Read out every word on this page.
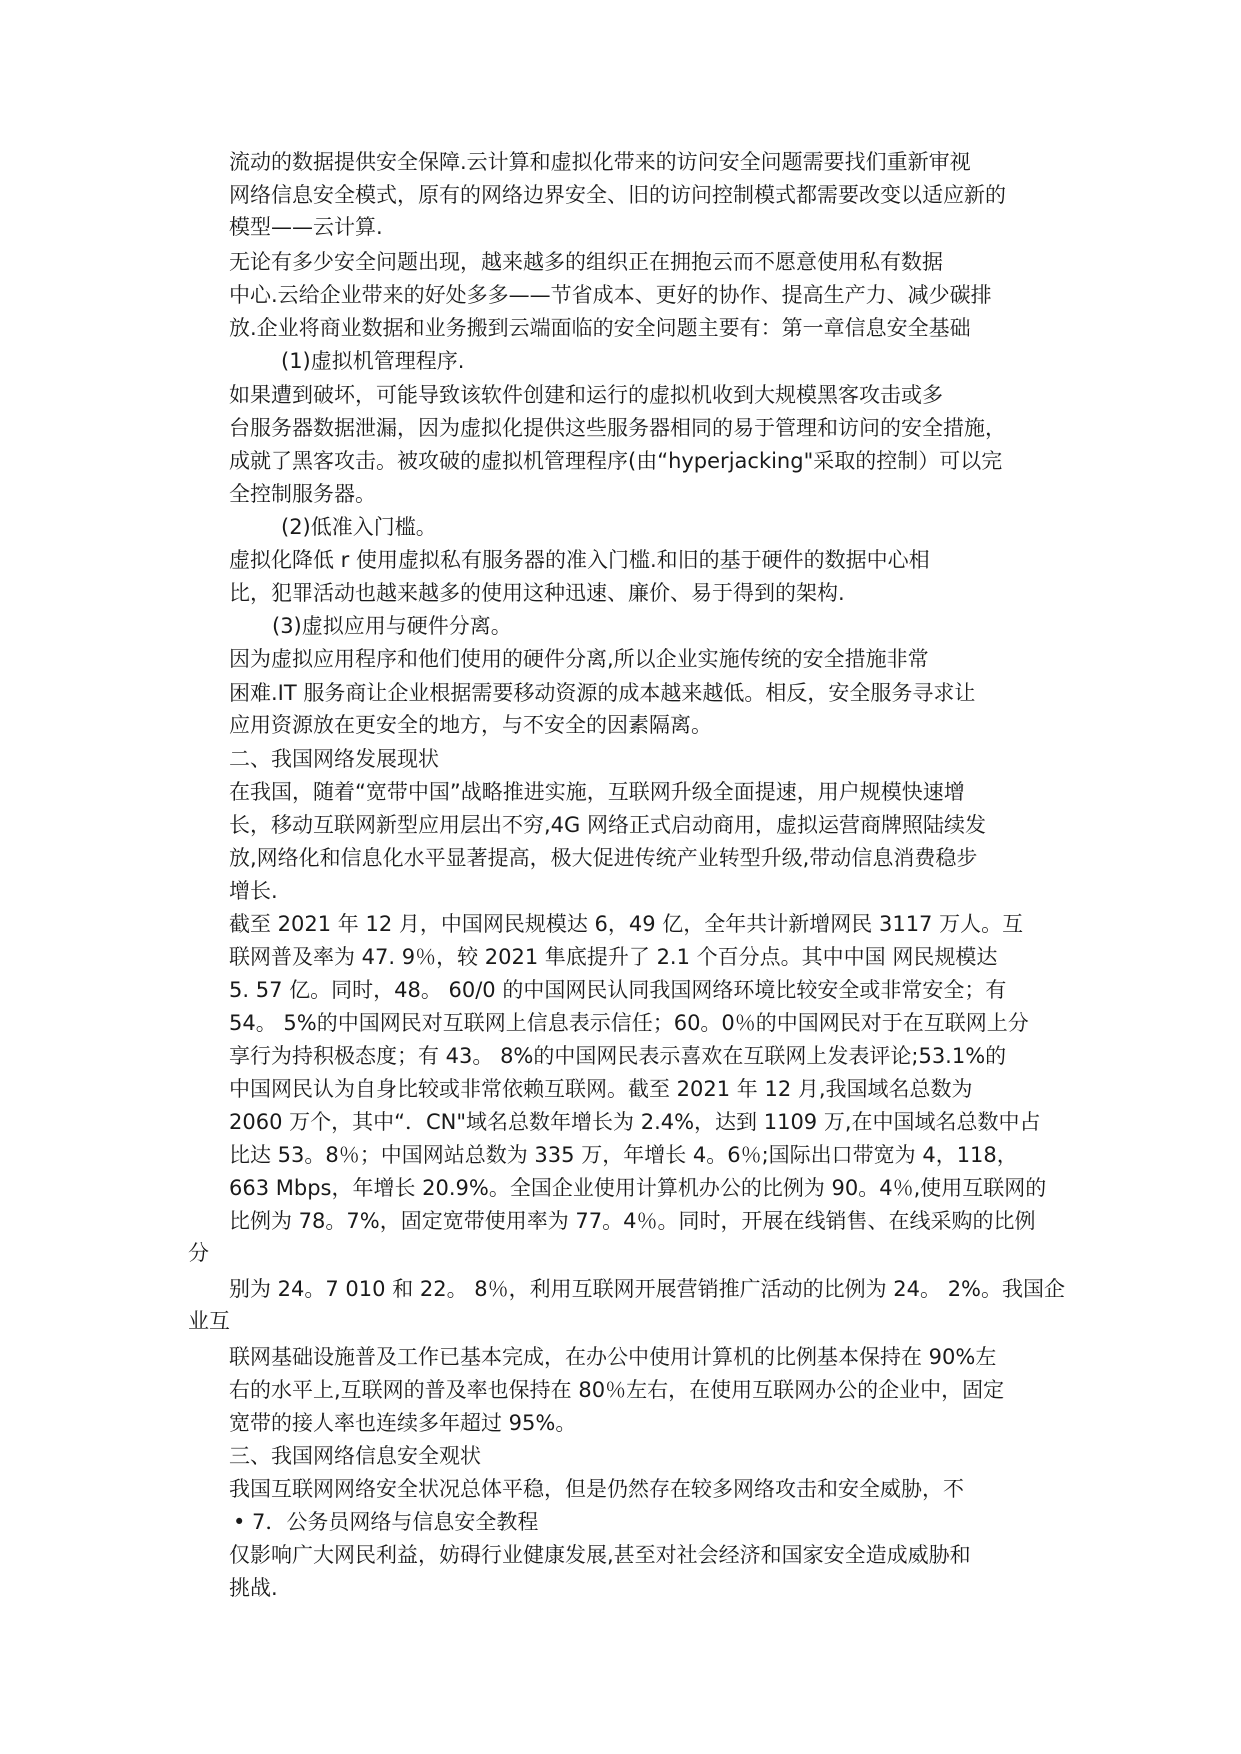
流动的数据提供安全保障.云计算和虚拟化带来的访问安全问题需要找们重新审视
网络信息安全模式，原有的网络边界安全、旧的访问控制模式都需要改变以适应新的
模型——云计算.
无论有多少安全问题出现，越来越多的组织正在拥抱云而不愿意使用私有数据
中心.云给企业带来的好处多多——节省成本、更好的协作、提高生产力、减少碳排
放.企业将商业数据和业务搬到云端面临的安全问题主要有：第一章信息安全基础
(1)虚拟机管理程序.
如果遭到破坏，可能导致该软件创建和运行的虚拟机收到大规模黑客攻击或多
台服务器数据泄漏，因为虚拟化提供这些服务器相同的易于管理和访问的安全措施，
成就了黑客攻击。被攻破的虚拟机管理程序(由“hyperjacking"采取的控制）可以完
全控制服务器。
(2)低准入门槛。
虚拟化降低 r 使用虚拟私有服务器的准入门槛.和旧的基于硬件的数据中心相
比，犯罪活动也越来越多的使用这种迅速、廉价、易于得到的架构.
(3)虚拟应用与硬件分离。
因为虚拟应用程序和他们使用的硬件分离,所以企业实施传统的安全措施非常
困难.IT 服务商让企业根据需要移动资源的成本越来越低。相反，安全服务寻求让
应用资源放在更安全的地方，与不安全的因素隔离。
二、我国网络发展现状
在我国，随着“宽带中国”战略推进实施，互联网升级全面提速，用户规模快速增
长，移动互联网新型应用层出不穷,4G 网络正式启动商用，虚拟运营商牌照陆续发
放,网络化和信息化水平显著提高，极大促进传统产业转型升级,带动信息消费稳步
增长.
截至 2021 年 12 月，中国网民规模达 6，49 亿，全年共计新增网民 3117 万人。互
联网普及率为 47. 9％，较 2021 隼底提升了 2.1 个百分点。其中中国 网民规模达
5. 57 亿。同时，48。 60/0 的中国网民认同我国网络环境比较安全或非常安全；有
54。 5%的中国网民对互联网上信息表示信任；60。0％的中国网民对于在互联网上分
享行为持积极态度；有 43。 8%的中国网民表示喜欢在互联网上发表评论;53.1%的
中国网民认为自身比较或非常依赖互联网。截至 2021 年 12 月,我国域名总数为
2060 万个，其中“．CN"域名总数年增长为 2.4%，达到 1109 万,在中国域名总数中占
比达 53。8％；中国网站总数为 335 万，年增长 4。6％;国际出口带宽为 4，118，
663 Mbps，年增长 20.9%。全国企业使用计算机办公的比例为 90。4％,使用互联网的
比例为 78。7%，固定宽带使用率为 77。4％。同时，开展在线销售、在线采购的比例
分
别为 24。7 010 和 22。 8％，利用互联网开展营销推广活动的比例为 24。 2%。我国企
业互
联网基础设施普及工作已基本完成，在办公中使用计算机的比例基本保持在 90%左
右的水平上,互联网的普及率也保持在 80％左右，在使用互联网办公的企业中，固定
宽带的接人率也连续多年超过 95%。
三、我国网络信息安全观状
我国互联网网络安全状况总体平稳，但是仍然存在较多网络攻击和安全威胁，不
• 7．公务员网络与信息安全教程
仅影响广大网民利益，妨碍行业健康发展,甚至对社会经济和国家安全造成威胁和
挑战.
